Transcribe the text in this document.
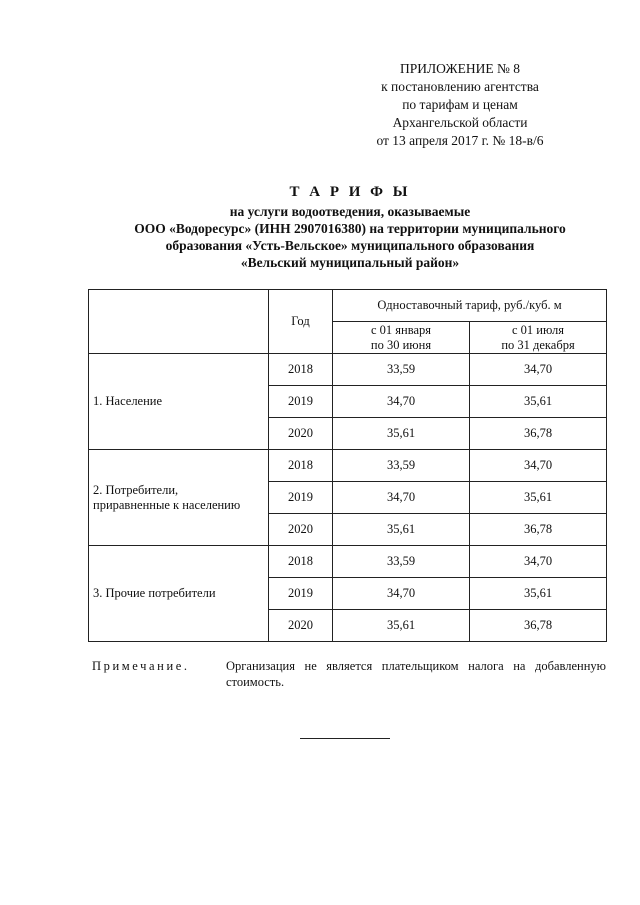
ПРИЛОЖЕНИЕ № 8
к постановлению агентства
по тарифам и ценам
Архангельской области
от 13 апреля 2017 г. № 18-в/6
Т А Р И Ф Ы
на услуги водоотведения, оказываемые
ООО «Водоресурс» (ИНН 2907016380) на территории муниципального
образования «Усть-Вельское» муниципального образования
«Вельский муниципальный район»
	Год	Одноставочный тариф, руб./куб. м	
		с 01 января
по 30 июня	с 01 июля
по 31 декабря
1. Население	2018	33,59	34,70
	2019	34,70	35,61
	2020	35,61	36,78
2. Потребители,
приравненные к населению	2018	33,59	34,70
	2019	34,70	35,61
	2020	35,61	36,78
3. Прочие потребители	2018	33,59	34,70
	2019	34,70	35,61
	2020	35,61	36,78
Примечание.	Организация не является плательщиком налога на добавленную стоимость.
